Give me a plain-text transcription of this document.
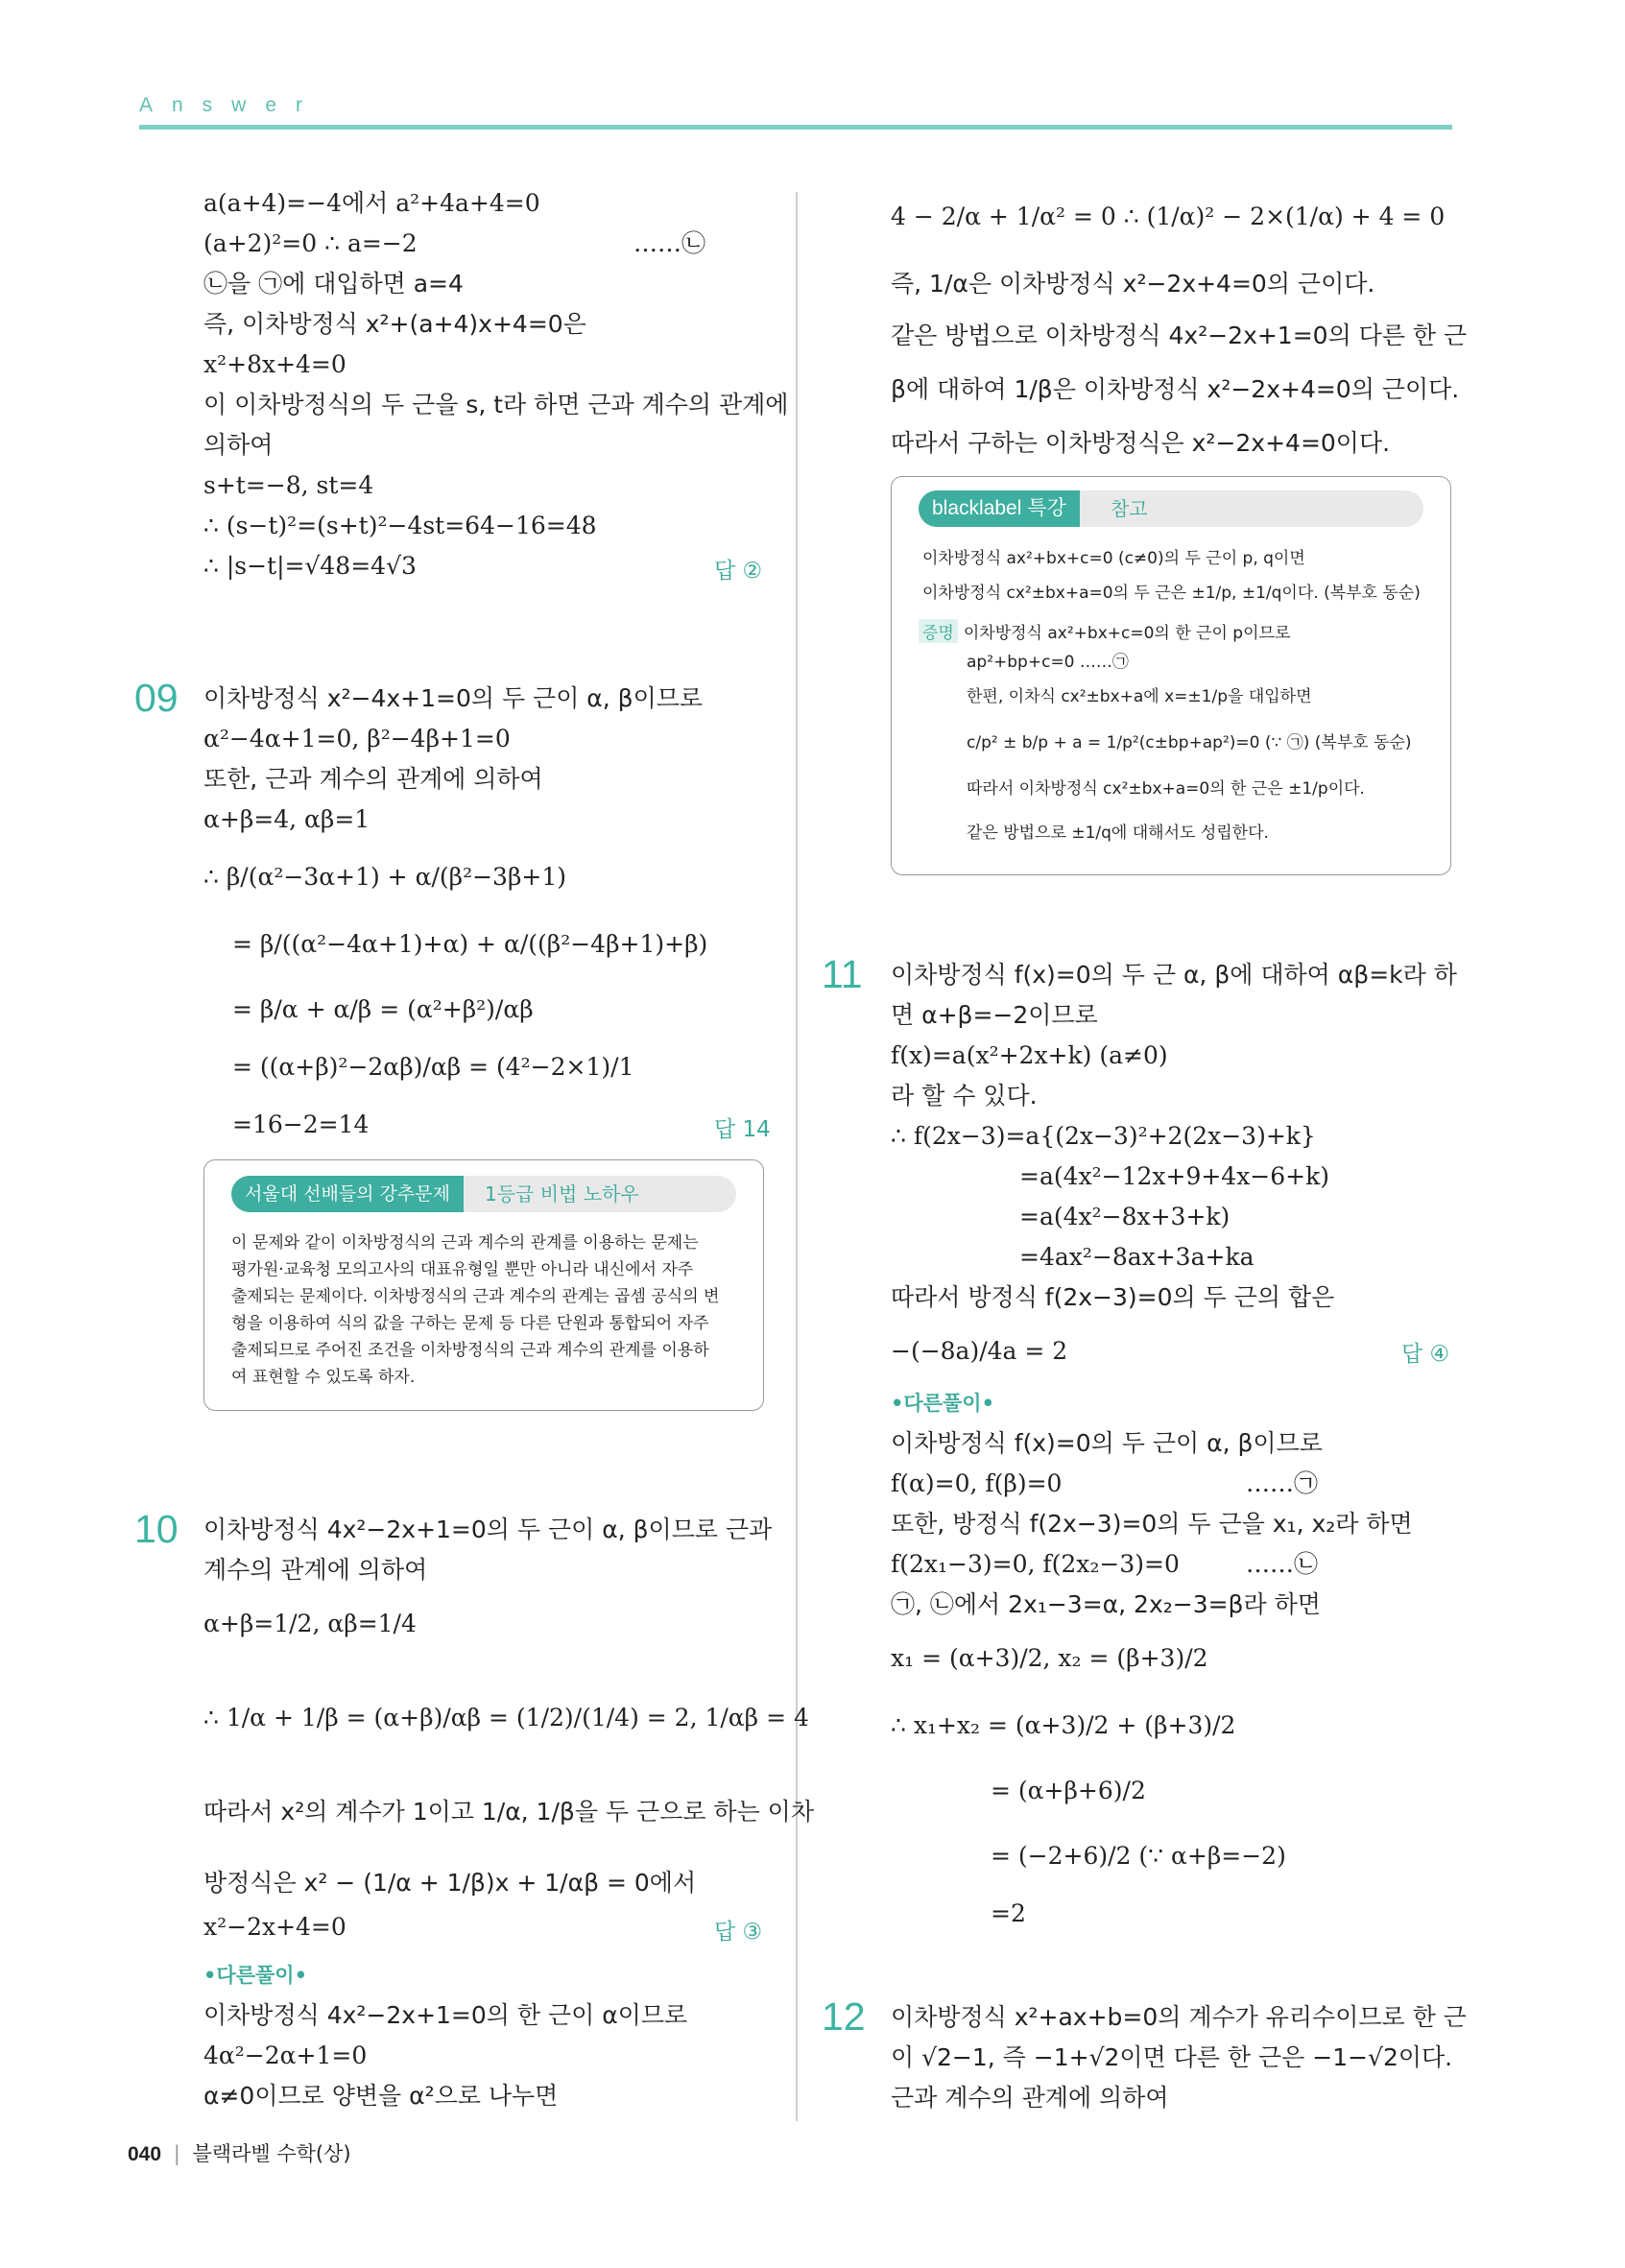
Answer
a(a+4)=−4에서 a²+4a+4=0
(a+2)²=0 ∴ a=−2	……㉡
㉡을 ㉠에 대입하면 a=4
즉, 이차방정식 x²+(a+4)x+4=0은
x²+8x+4=0
이 이차방정식의 두 근을 s, t라 하면 근과 계수의 관계에
의하여
s+t=−8, st=4
∴ (s−t)²=(s+t)²−4st=64−16=48
∴ |s−t|=√48=4√3	답 ②
09 이차방정식 x²−4x+1=0의 두 근이 α, β이므로
α²−4α+1=0, β²−4β+1=0
또한, 근과 계수의 관계에 의하여
α+β=4, αβ=1
∴ β/(α²−3α+1) + α/(β²−3β+1)
= β/((α²−4α+1)+α) + α/((β²−4β+1)+β)
= β/α + α/β = (α²+β²)/αβ
= ((α+β)²−2αβ)/αβ = (4²−2×1)/1
=16−2=14	답 14
서울대 선배들의 강추문제	1등급 비법 노하우
이 문제와 같이 이차방정식의 근과 계수의 관계를 이용하는 문제는
평가원·교육청 모의고사의 대표유형일 뿐만 아니라 내신에서 자주
출제되는 문제이다. 이차방정식의 근과 계수의 관계는 곱셈 공식의 변
형을 이용하여 식의 값을 구하는 문제 등 다른 단원과 통합되어 자주
출제되므로 주어진 조건을 이차방정식의 근과 계수의 관계를 이용하
여 표현할 수 있도록 하자.
10 이차방정식 4x²−2x+1=0의 두 근이 α, β이므로 근과
계수의 관계에 의하여
α+β=1/2, αβ=1/4
∴ 1/α + 1/β = (α+β)/αβ = (1/2)/(1/4) = 2, 1/αβ = 4
따라서 x²의 계수가 1이고 1/α, 1/β을 두 근으로 하는 이차
방정식은 x² − (1/α + 1/β)x + 1/αβ = 0에서
x²−2x+4=0	답 ③
•다른풀이•
이차방정식 4x²−2x+1=0의 한 근이 α이므로
4α²−2α+1=0
α≠0이므로 양변을 α²으로 나누면
4 − 2/α + 1/α² = 0 ∴ (1/α)² − 2×(1/α) + 4 = 0
즉, 1/α은 이차방정식 x²−2x+4=0의 근이다.
같은 방법으로 이차방정식 4x²−2x+1=0의 다른 한 근
β에 대하여 1/β은 이차방정식 x²−2x+4=0의 근이다.
따라서 구하는 이차방정식은 x²−2x+4=0이다.
blacklabel 특강	참고
이차방정식 ax²+bx+c=0 (c≠0)의 두 근이 p, q이면
이차방정식 cx²±bx+a=0의 두 근은 ±1/p, ±1/q이다. (복부호 동순)
증명 이차방정식 ax²+bx+c=0의 한 근이 p이므로
ap²+bp+c=0 ……㉠
한편, 이차식 cx²±bx+a에 x=±1/p을 대입하면
c/p² ± b/p + a = 1/p²(c±bp+ap²)=0 (∵ ㉠) (복부호 동순)
따라서 이차방정식 cx²±bx+a=0의 한 근은 ±1/p이다.
같은 방법으로 ±1/q에 대해서도 성립한다.
11 이차방정식 f(x)=0의 두 근 α, β에 대하여 αβ=k라 하
면 α+β=−2이므로
f(x)=a(x²+2x+k) (a≠0)
라 할 수 있다.
∴ f(2x−3)=a{(2x−3)²+2(2x−3)+k}
=a(4x²−12x+9+4x−6+k)
=a(4x²−8x+3+k)
=4ax²−8ax+3a+ka
따라서 방정식 f(2x−3)=0의 두 근의 합은
−(−8a)/4a = 2	답 ④
•다른풀이•
이차방정식 f(x)=0의 두 근이 α, β이므로
f(α)=0, f(β)=0	……㉠
또한, 방정식 f(2x−3)=0의 두 근을 x₁, x₂라 하면
f(2x₁−3)=0, f(2x₂−3)=0	……㉡
㉠, ㉡에서 2x₁−3=α, 2x₂−3=β라 하면
x₁ = (α+3)/2, x₂ = (β+3)/2
∴ x₁+x₂ = (α+3)/2 + (β+3)/2
= (α+β+6)/2
= (−2+6)/2 (∵ α+β=−2)
=2
12 이차방정식 x²+ax+b=0의 계수가 유리수이므로 한 근
이 √2−1, 즉 −1+√2이면 다른 한 근은 −1−√2이다.
근과 계수의 관계에 의하여
040 | 블랙라벨 수학(상)
